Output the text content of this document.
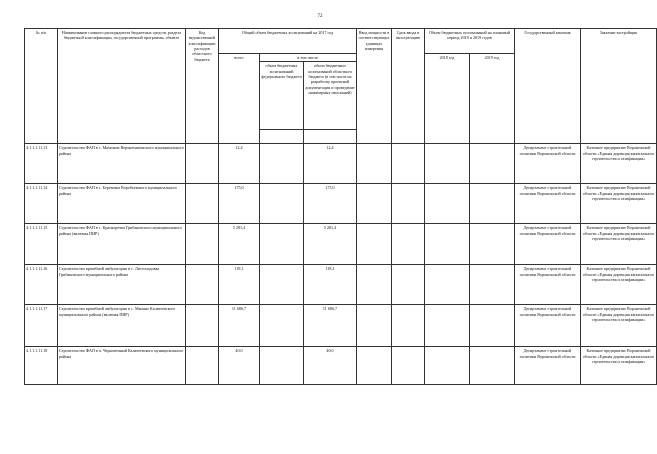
72
№ п/п	Наименование главного распорядителя бюджетных средств, раздела бюджетной классификации, государственной программы, объекта	Код ведомственной классификации расходов областного бюджета	Общий объем бюджетных ассигнований на 2017 год			Ввод мощности в соответствующих единицах измерения	Срок ввода в эксплуатацию	Объем бюджетных ассигнований на плановый период 2018 и 2019 годов		Государственный заказчик	Заказчик-застройщик
			всего	в том числе:				2018 год	2019 год		
				объем бюджетных ассигнований федерального бюджета	объем бюджетных ассигнований областного бюджета (в том числе на разработку проектной документации и проведение инженерных изысканий)						

4.1.1.1.11.13	Строительство ФАП в с. Мамоном Верхнемамонского муниципального района		12,4		12,4					Департамент строительной политики Воронежской области	Казенное предприятие Воронежской области «Единая дирекция капитального строительства и газификации»
4.1.1.1.11.14	Строительство ФАП в с. Березовка Воробьевского муниципального района		175,0		175,0					Департамент строительной политики Воронежской области	Казенное предприятие Воронежской области «Единая дирекция капитального строительства и газификации»
4.1.1.1.11.15	Строительство ФАП в с. Красноречка Грибановского муниципального района (включая ПИР)		5 281,4		5 281,4					Департамент строительной политики Воронежской области	Казенное предприятие Воронежской области «Единая дирекция капитального строительства и газификации»
4.1.1.1.11.16	Строительство врачебной амбулатории в с. Листопадовка Грибановского муниципального района		118,1		118,1					Департамент строительной политики Воронежской области	Казенное предприятие Воронежской области «Единая дирекция капитального строительства и газификации»
4.1.1.1.11.17	Строительство врачебной амбулатории в с. Манино Калачеевского муниципального района (включая ПИР)		11 686,7		11 686,7					Департамент строительной политики Воронежской области	Казенное предприятие Воронежской области «Единая дирекция капитального строительства и газификации»
4.1.1.1.11.18	Строительство ФАП в п. Черноземный Калачеевского муниципального района		40,0		40,0					Департамент строительной политики Воронежской области	Казенное предприятие Воронежской области «Единая дирекция капитального строительства и газификации»
